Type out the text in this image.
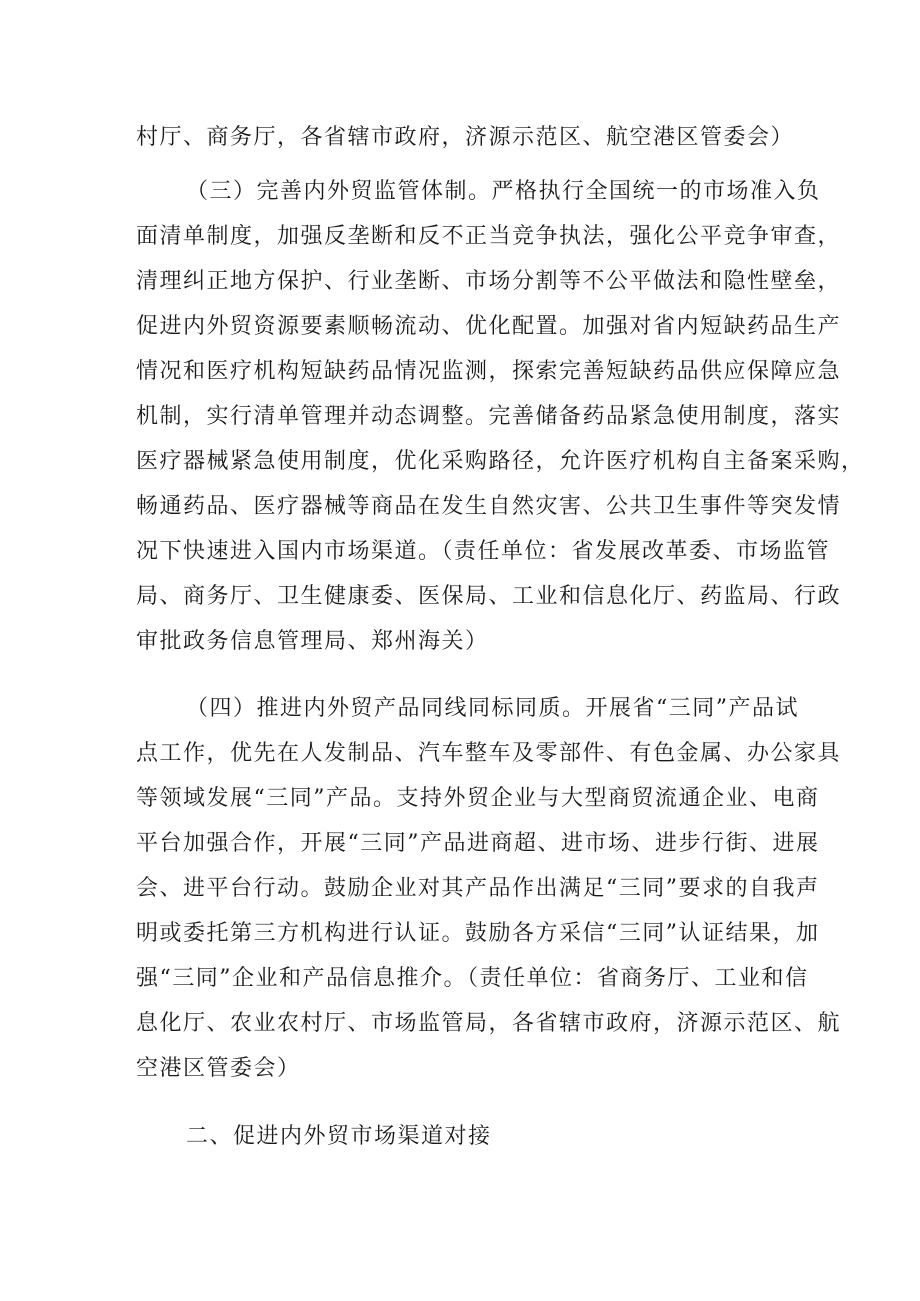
村厅、商务厅，各省辖市政府，济源示范区、航空港区管委会）
（三）完善内外贸监管体制。严格执行全国统一的市场准入负
面清单制度，加强反垄断和反不正当竞争执法，强化公平竞争审查，
清理纠正地方保护、行业垄断、市场分割等不公平做法和隐性壁垒，
促进内外贸资源要素顺畅流动、优化配置。加强对省内短缺药品生产
情况和医疗机构短缺药品情况监测，探索完善短缺药品供应保障应急
机制，实行清单管理并动态调整。完善储备药品紧急使用制度，落实
医疗器械紧急使用制度，优化采购路径，允许医疗机构自主备案采购，
畅通药品、医疗器械等商品在发生自然灾害、公共卫生事件等突发情
况下快速进入国内市场渠道。（责任单位：省发展改革委、市场监管
局、商务厅、卫生健康委、医保局、工业和信息化厅、药监局、行政
审批政务信息管理局、郑州海关）
（四）推进内外贸产品同线同标同质。开展省“三同”产品试
点工作，优先在人发制品、汽车整车及零部件、有色金属、办公家具
等领域发展“三同”产品。支持外贸企业与大型商贸流通企业、电商
平台加强合作，开展“三同”产品进商超、进市场、进步行街、进展
会、进平台行动。鼓励企业对其产品作出满足“三同”要求的自我声
明或委托第三方机构进行认证。鼓励各方采信“三同”认证结果，加
强“三同”企业和产品信息推介。（责任单位：省商务厅、工业和信
息化厅、农业农村厅、市场监管局，各省辖市政府，济源示范区、航
空港区管委会）
二、促进内外贸市场渠道对接
